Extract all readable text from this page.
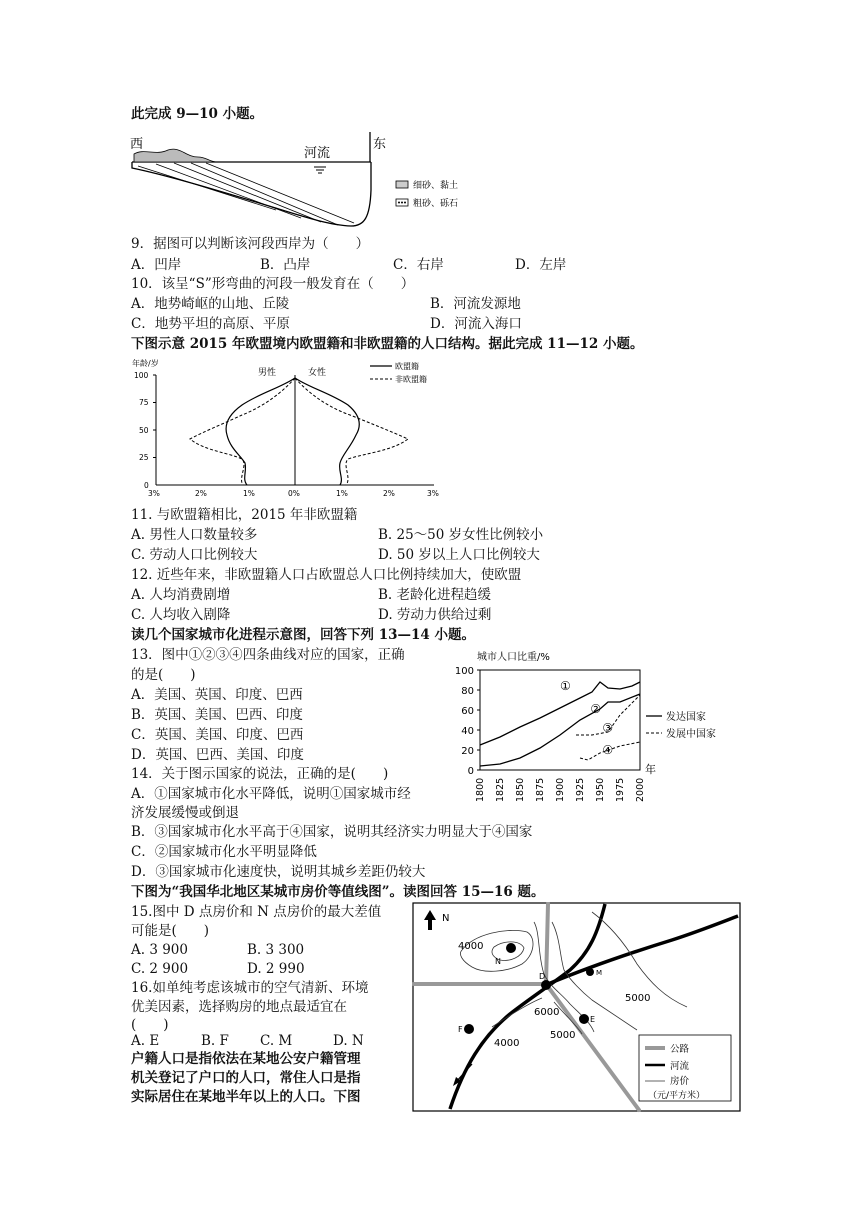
此完成 9—10 小题。
西	东
河流
细砂、黏土
粗砂、砾石
9．据图可以判断该河段西岸为（　　）
A．凹岸	B．凸岸	C．右岸	D．左岸
10．该呈“S”形弯曲的河段一般发育在（　　）
A．地势崎岖的山地、丘陵	B．河流发源地
C．地势平坦的高原、平原	D．河流入海口
下图示意 2015 年欧盟境内欧盟籍和非欧盟籍的人口结构。据此完成 11—12 小题。
年龄/岁
100
75
50
25
0
3%	2%	1%	0%	1%	2%	3%
男性	女性
欧盟籍
非欧盟籍
11. 与欧盟籍相比，2015 年非欧盟籍
A. 男性人口数量较多	B. 25～50 岁女性比例较小
C. 劳动人口比例较大	D. 50 岁以上人口比例较大
12. 近些年来，非欧盟籍人口占欧盟总人口比例持续加大，使欧盟
A. 人均消费剧增	B. 老龄化进程趋缓
C. 人均收入剧降	D. 劳动力供给过剩
读几个国家城市化进程示意图，回答下列 13—14 小题。
13．图中①②③④四条曲线对应的国家，正确
的是(　　)
A．美国、英国、印度、巴西
B．英国、美国、巴西、印度
C．英国、美国、印度、巴西
D．英国、巴西、美国、印度
城市人口比重/%
100
80
60
40
20
0
1800 1825 1850 1875 1900 1925 1950 1975 2000
①
②
③
④
年
发达国家
发展中国家
14．关于图示国家的说法，正确的是(　　)
A．①国家城市化水平降低，说明①国家城市经
济发展缓慢或倒退
B．③国家城市化水平高于④国家，说明其经济实力明显大于④国家
C．②国家城市化水平明显降低
D．③国家城市化速度快，说明其城乡差距仍较大
下图为“我国华北地区某城市房价等值线图”。读图回答 15—16 题。
15.图中 D 点房价和 N 点房价的最大差值
可能是(　　)
A. 3 900	B. 3 300
C. 2 900	D. 2 990
16.如单纯考虑该城市的空气清新、环境
优美因素，选择购房的地点最适宜在
(　　)
A. E	B. F C. M	D. N
户籍人口是指依法在某地公安户籍管理
机关登记了户口的人口，常住人口是指
实际居住在某地半年以上的人口。下图
N
4000
N
D	M
F
E
6000
5000
5000
4000
公路
河流
房价
（元/平方米）
